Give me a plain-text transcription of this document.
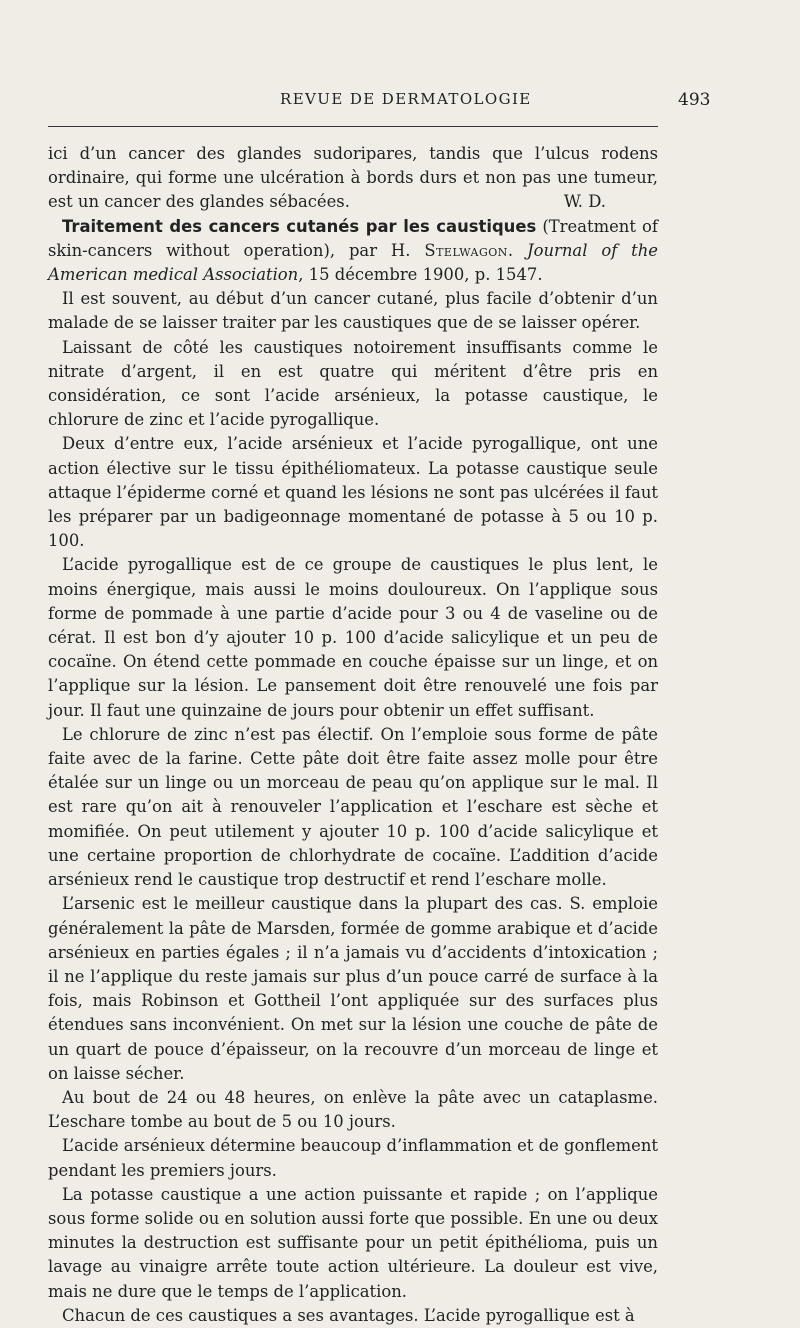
REVUE DE DERMATOLOGIE	493

ici d’un cancer des glandes sudoripares, tandis que l’ulcus rodens ordinaire, qui forme une ulcération à bords durs et non pas une tumeur, est un cancer des glandes sébacées.	W. D.

Traitement des cancers cutanés par les caustiques (Treatment of skin-cancers without operation), par H. Stelwagon. Journal of the American medical Association, 15 décembre 1900, p. 1547.

Il est souvent, au début d’un cancer cutané, plus facile d’obtenir d’un malade de se laisser traiter par les caustiques que de se laisser opérer.

Laissant de côté les caustiques notoirement insuffisants comme le nitrate d’argent, il en est quatre qui méritent d’être pris en considération, ce sont l’acide arsénieux, la potasse caustique, le chlorure de zinc et l’acide pyrogallique.

Deux d’entre eux, l’acide arsénieux et l’acide pyrogallique, ont une action élective sur le tissu épithéliomateux. La potasse caustique seule attaque l’épiderme corné et quand les lésions ne sont pas ulcérées il faut les préparer par un badigeonnage momentané de potasse à 5 ou 10 p. 100.

L’acide pyrogallique est de ce groupe de caustiques le plus lent, le moins énergique, mais aussi le moins douloureux. On l’applique sous forme de pommade à une partie d’acide pour 3 ou 4 de vaseline ou de cérat. Il est bon d’y ajouter 10 p. 100 d’acide salicylique et un peu de cocaïne. On étend cette pommade en couche épaisse sur un linge, et on l’applique sur la lésion. Le pansement doit être renouvelé une fois par jour. Il faut une quinzaine de jours pour obtenir un effet suffisant.

Le chlorure de zinc n’est pas électif. On l’emploie sous forme de pâte faite avec de la farine. Cette pâte doit être faite assez molle pour être étalée sur un linge ou un morceau de peau qu’on applique sur le mal. Il est rare qu’on ait à renouveler l’application et l’eschare est sèche et momifiée. On peut utilement y ajouter 10 p. 100 d’acide salicylique et une certaine proportion de chlorhydrate de cocaïne. L’addition d’acide arsénieux rend le caustique trop destructif et rend l’eschare molle.

L’arsenic est le meilleur caustique dans la plupart des cas. S. emploie généralement la pâte de Marsden, formée de gomme arabique et d’acide arsénieux en parties égales ; il n’a jamais vu d’accidents d’intoxication ; il ne l’applique du reste jamais sur plus d’un pouce carré de surface à la fois, mais Robinson et Gottheil l’ont appliquée sur des surfaces plus étendues sans inconvénient. On met sur la lésion une couche de pâte de un quart de pouce d’épaisseur, on la recouvre d’un morceau de linge et on laisse sécher.

Au bout de 24 ou 48 heures, on enlève la pâte avec un cataplasme. L’eschare tombe au bout de 5 ou 10 jours.

L’acide arsénieux détermine beaucoup d’inflammation et de gonflement pendant les premiers jours.

La potasse caustique a une action puissante et rapide ; on l’applique sous forme solide ou en solution aussi forte que possible. En une ou deux minutes la destruction est suffisante pour un petit épithélioma, puis un lavage au vinaigre arrête toute action ultérieure. La douleur est vive, mais ne dure que le temps de l’application.

Chacun de ces caustiques a ses avantages. L’acide pyrogallique est à
